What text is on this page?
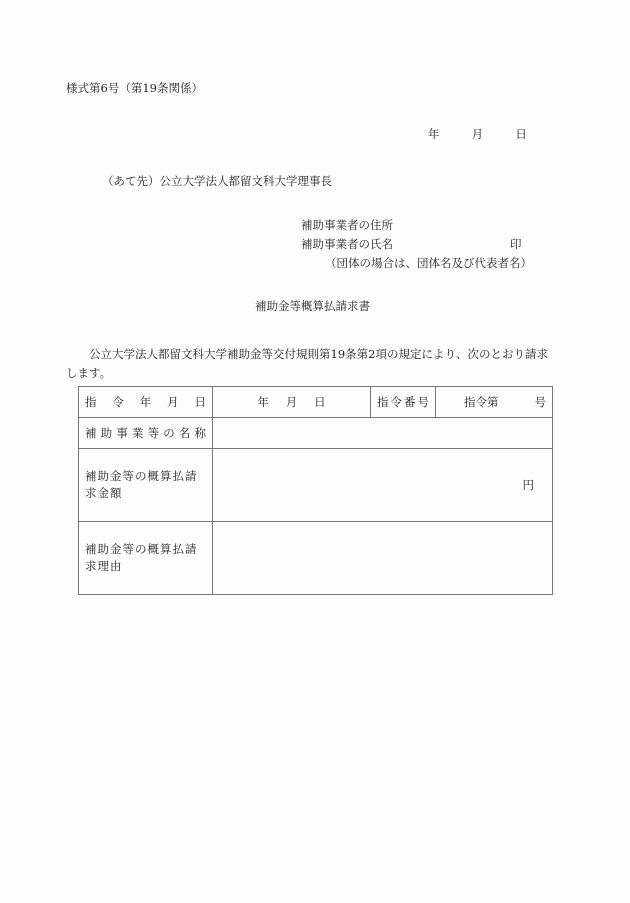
様式第6号（第19条関係）
年	月	日
（あて先）公立大学法人都留文科大学理事長
補助事業者の住所
補助事業者の氏名	印
（団体の場合は、団体名及び代表者名）
補助金等概算払請求書
公立大学法人都留文科大学補助金等交付規則第19条第2項の規定により、次のとおり請求します。
指 令 年 月 日	年 月 日	指 令 番 号	指令第 号

補 助 事 業 等 の 名 称

補助金等の概算払請求金額	円		
補助金等の概算払請求理由			
